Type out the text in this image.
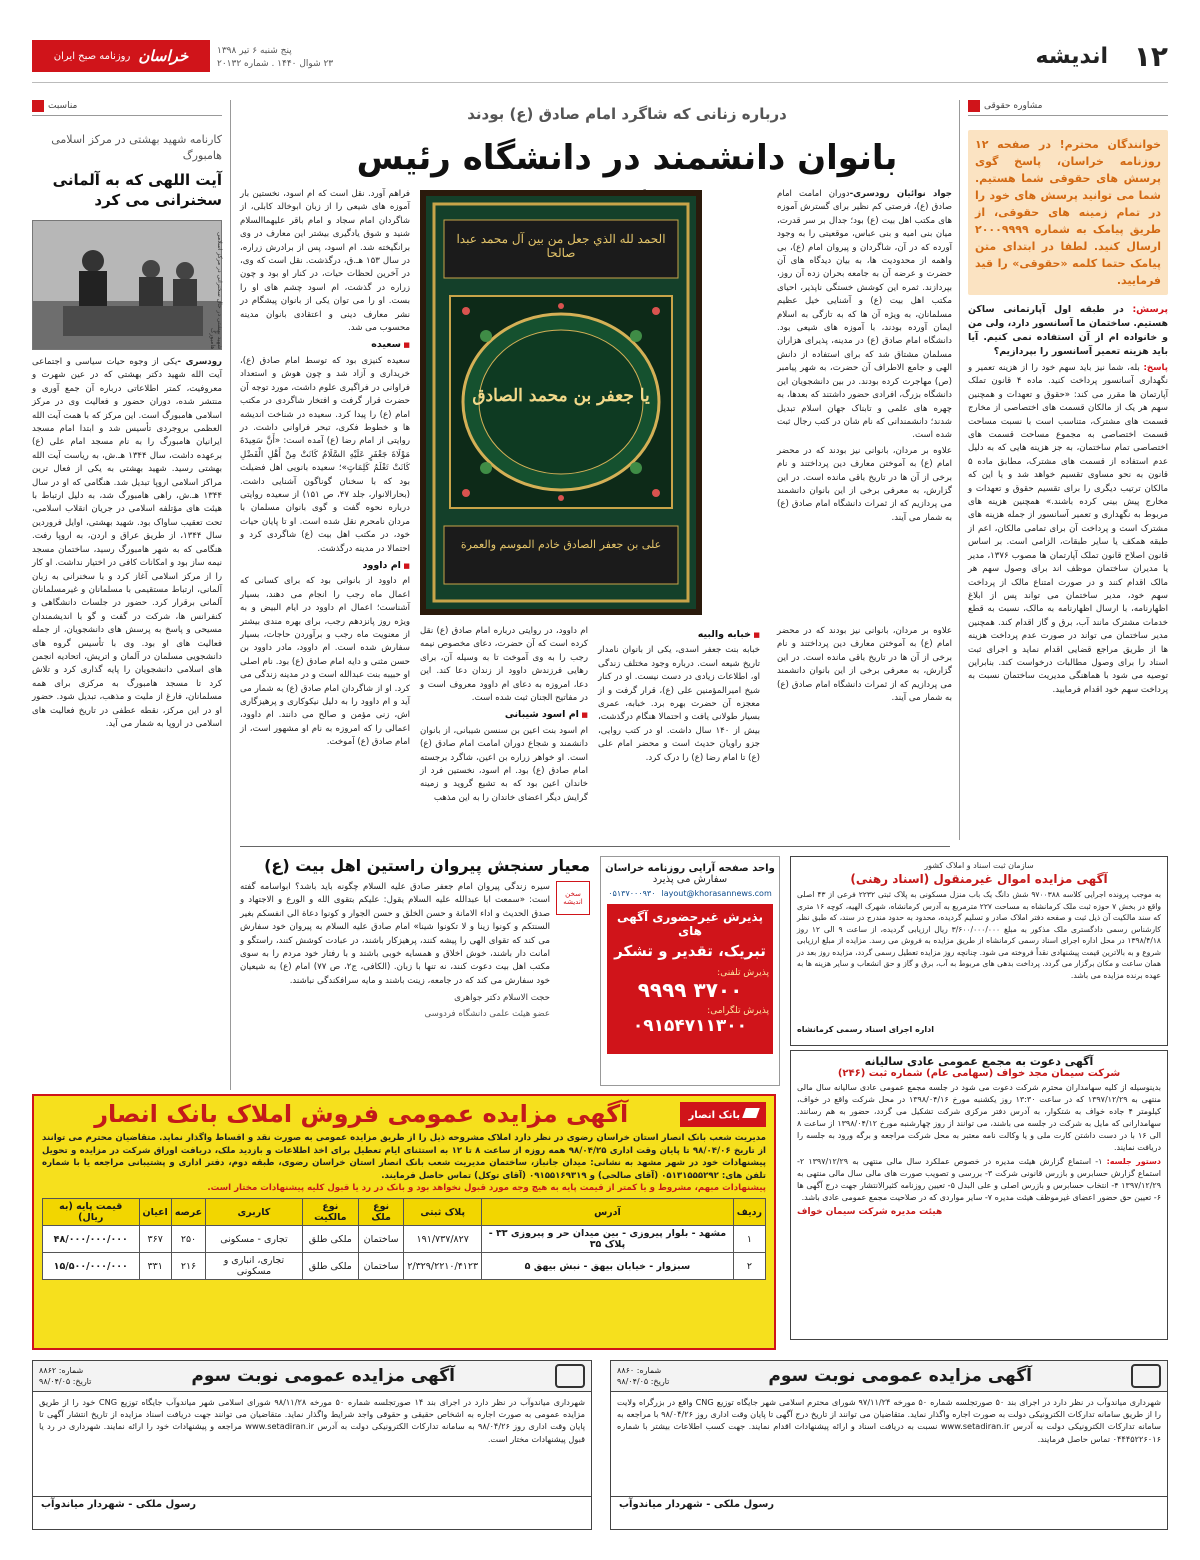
۱۲
اندیشه
پنج شنبه ۶ تیر ۱۳۹۸
۲۳ شوال ۱۴۴۰ . شماره ۲۰۱۳۲
خراسان
روزنامه صبح ایران
مشاوره حقوقی

خوانندگان محترم! در صفحه ۱۲ روزنامه خراسان، پاسخ گوی پرسش های حقوقی شما هستیم. شما می توانید پرسش های خود را در تمام زمینه های حقوقی، از طریق پیامک به شماره ۲۰۰۰۹۹۹۹ ارسال کنید. لطفا در ابتدای متن پیامک حتما کلمه «حقوقی» را قید فرمایید.

پرسش: در طبقه اول آپارتمانی ساکن هستیم. ساختمان ما آسانسور دارد، ولی من و خانواده ام از آن استفاده نمی کنیم. آیا باید هزینه تعمیر آسانسور را بپردازیم؟

پاسخ: بله، شما نیز باید سهم خود را از هزینه تعمیر و نگهداری آسانسور پرداخت کنید. ماده ۴ قانون تملک آپارتمان ها مقرر می کند: «حقوق و تعهدات و همچنین سهم هر یک از مالکان قسمت های اختصاصی از مخارج قسمت های مشترک، متناسب است با نسبت مساحت قسمت اختصاصی به مجموع مساحت قسمت های اختصاصی تمام ساختمان، به جز هزینه هایی که به دلیل عدم استفاده از قسمت های مشترک، مطابق ماده ۵ قانون به نحو مساوی تقسیم خواهد شد و یا این که مالکان ترتیب دیگری را برای تقسیم حقوق و تعهدات و مخارج پیش بینی کرده باشند.» همچنین هزینه های مربوط به نگهداری و تعمیر آسانسور از جمله هزینه های مشترک است و پرداخت آن برای تمامی مالکان، اعم از طبقه همکف یا سایر طبقات، الزامی است. بر اساس قانون اصلاح قانون تملک آپارتمان ها مصوب ۱۳۷۶، مدیر یا مدیران ساختمان موظف اند برای وصول سهم هر مالک اقدام کنند و در صورت امتناع مالک از پرداخت سهم خود، مدیر ساختمان می تواند پس از ابلاغ اظهارنامه، با ارسال اظهارنامه به مالک، نسبت به قطع خدمات مشترک مانند آب، برق و گاز اقدام کند. همچنین مدیر ساختمان می تواند در صورت عدم پرداخت هزینه ها از طریق مراجع قضایی اقدام نماید و اجرای ثبت اسناد را برای وصول مطالبات درخواست کند. بنابراین توصیه می شود با هماهنگی مدیریت ساختمان نسبت به پرداخت سهم خود اقدام فرمایید.

درباره زنانی که شاگرد امام صادق (ع) بودند
بانوان دانشمند در دانشگاه رئیس

جواد نوائیان رودسری-دوران امامت امام صادق (ع)، فرصتی کم نظیر برای گسترش آموزه های مکتب اهل بیت (ع) بود؛ جدال بر سر قدرت، میان بنی امیه و بنی عباس، موقعیتی را به وجود آورده که در آن، شاگردان و پیروان امام (ع)، بی واهمه از محدودیت ها، به بیان دیدگاه های آن حضرت و عرضه آن به جامعه بحران زده آن روز، بپردازند. ثمره این کوشش خستگی ناپذیر، احیای مکتب اهل بیت (ع) و آشنایی خیل عظیم مسلمانان، به ویژه آن ها که به تازگی به اسلام ایمان آورده بودند، با آموزه های شیعی بود. دانشگاه امام صادق (ع) در مدینه، پذیرای هزاران مسلمان مشتاق شد که برای استفاده از دانش الهی و جامع الاطراف آن حضرت، به شهر پیامبر (ص) مهاجرت کرده بودند. در بین دانشجویان این دانشگاه بزرگ، افرادی حضور داشتند که بعدها، به چهره های علمی و تابناک جهان اسلام تبدیل شدند؛ دانشمندانی که نام شان در کتب رجال ثبت شده است.

علاوه بر مردان، بانوانی نیز بودند که در محضر امام (ع) به آموختن معارف دین پرداختند و نام برخی از آن ها در تاریخ باقی مانده است. در این گزارش، به معرفی برخی از این بانوان دانشمند می پردازیم که از ثمرات دانشگاه امام صادق (ع) به شمار می آیند.

الحمد لله الذي جعل من بين آل محمد عبدا صالحا
یا جعفر بن محمد الصادق
على بن جعفر الصادق خادم الموسم والعمرة

فراهم آورد. نقل است که ام اسود، نخستین بار آموزه های شیعی را از زبان ابوخالد کابلی، از شاگردان امام سجاد و امام باقر علیهماالسلام شنید و شوق یادگیری بیشتر این معارف در وی برانگیخته شد. ام اسود، پس از برادرش زراره، در سال ۱۵۳ هـ.ق، درگذشت. نقل است که وی، در آخرین لحظات حیات، در کنار او بود و چون زراره در گذشت، ام اسود چشم های او را بست. او را می توان یکی از بانوان پیشگام در نشر معارف دینی و اعتقادی بانوان مدینه محسوب می شد.

■ سعیده

سعیده کنیزی بود که توسط امام صادق (ع)، خریداری و آزاد شد و چون هوش و استعداد فراوانی در فراگیری علوم داشت، مورد توجه آن حضرت قرار گرفت و افتخار شاگردی در مکتب امام (ع) را پیدا کرد. سعیده در شناخت اندیشه ها و خطوط فکری، تبحر فراوانی داشت. در روایتی از امام رضا (ع) آمده است: «أَنَّ سَعِیدَةَ مَوْلَاةَ جَعْفَرٍ عَلَیْهِ السَّلَامُ کَانَتْ مِنْ أَهْلِ الْفَضْلِ کَانَتْ تَعْلَمُ کَلِمَاتٍ»؛ سعیده بانویی اهل فضیلت بود که با سخنان گوناگون آشنایی داشت. (بحارالانوار، جلد ۴۷، ص ۱۵۱) از سعیده روایتی درباره نحوه گفت و گوی بانوان مسلمان با مردان نامحرم نقل شده است. او تا پایان حیات خود، در مکتب اهل بیت (ع) شاگردی کرد و احتمالا در مدینه درگذشت.

■ ام داوود

ام داوود از بانوانی بود که برای کسانی که اعمال ماه رجب را انجام می دهند، بسیار آشناست؛ اعمال ام داوود در ایام البیض و به ویژه روز پانزدهم رجب، برای بهره مندی بیشتر از معنویت ماه رجب و برآوردن حاجات، بسیار سفارش شده است. ام داوود، مادر داوود بن حسن مثنی و دایه امام صادق (ع) بود. نام اصلی او حبیبه بنت عبدالله است و در مدینه زندگی می کرد. او از شاگردان امام صادق (ع) به شمار می آید و ام داوود را به دلیل نیکوکاری و پرهیزگاری اش، زنی مؤمن و صالح می دانند. ام داوود، اعمالی را که امروزه به نام او مشهور است، از امام صادق (ع) آموخت.

علاوه بر مردان، بانوانی نیز بودند که در محضر امام (ع) به آموختن معارف دین پرداختند و نام برخی از آن ها در تاریخ باقی مانده است. در این گزارش، به معرفی برخی از این بانوان دانشمند می پردازیم که از ثمرات دانشگاه امام صادق (ع) به شمار می آیند.

■ خبابه والبیه

خبابه بنت جعفر اسدی، یکی از بانوان نامدار تاریخ شیعه است. درباره وجود مختلف زندگی او، اطلاعات زیادی در دست نیست. او در کنار شیخ امیرالمؤمنین علی (ع)، قرار گرفت و از معجزه آن حضرت بهره برد. خبابه، عمری بسیار طولانی یافت و احتمالا هنگام درگذشت، بیش از ۱۴۰ سال داشت. او در کتب روایی، جزو راویان حدیث است و محضر امام علی (ع) تا امام رضا (ع) را درک کرد.

ام داوود، در روایتی درباره امام صادق (ع) نقل کرده است که آن حضرت، دعای مخصوص نیمه رجب را به وی آموخت تا به وسیله آن، برای رهایی فرزندش داوود از زندان دعا کند. این دعا، امروزه به دعای ام داوود معروف است و در مفاتیح الجنان ثبت شده است.

■ ام اسود شیبانی

ام اسود بنت اعین بن سنسن شیبانی، از بانوان دانشمند و شجاع دوران امامت امام صادق (ع) است. او خواهر زراره بن اعین، شاگرد برجسته امام صادق (ع) بود. ام اسود، نخستین فرد از خاندان اعین بود که به تشیع گروید و زمینه گرایش دیگر اعضای خاندان را به این مذهب

مناسبت
کارنامه شهید بهشتی در مرکز اسلامی هامبورگ
آیت اللهی که به آلمانی سخنرانی می کرد
شهید بهشتی در حال سخنرانی در مرکز اسلامی هامبورگ

رودسری -یکی از وجوه حیات سیاسی و اجتماعی آیت الله شهید دکتر بهشتی که در عین شهرت و معروفیت، کمتر اطلاعاتی درباره آن جمع آوری و منتشر شده، دوران حضور و فعالیت وی در مرکز اسلامی هامبورگ است. این مرکز که با همت آیت الله العظمی بروجردی تأسیس شد و ابتدا امام مسجد ایرانیان هامبورگ را به نام مسجد امام علی (ع) برعهده داشت، سال ۱۳۴۴ هـ.ش، به ریاست آیت الله بهشتی رسید. شهید بهشتی به یکی از فعال ترین مراکز اسلامی اروپا تبدیل شد. هنگامی که او در سال ۱۳۴۴ هـ.ش، راهی هامبورگ شد، به دلیل ارتباط با هیئت های مؤتلفه اسلامی در جریان انقلاب اسلامی، تحت تعقیب ساواک بود. شهید بهشتی، اوایل فروردین سال ۱۳۴۴، از طریق عراق و اردن، به اروپا رفت. هنگامی که به شهر هامبورگ رسید، ساختمان مسجد نیمه ساز بود و امکانات کافی در اختیار نداشت. او کار را از مرکز اسلامی آغاز کرد و با سخنرانی به زبان آلمانی، ارتباط مستقیمی با مسلمانان و غیرمسلمانان آلمانی برقرار کرد. حضور در جلسات دانشگاهی و کنفرانس ها، شرکت در گفت و گو با اندیشمندان مسیحی و پاسخ به پرسش های دانشجویان، از جمله فعالیت های او بود. وی با تأسیس گروه های دانشجویی مسلمان در آلمان و اتریش، اتحادیه انجمن های اسلامی دانشجویان را پایه گذاری کرد و تلاش کرد تا مسجد هامبورگ به مرکزی برای همه مسلمانان، فارغ از ملیت و مذهب، تبدیل شود. حضور او در این مرکز، نقطه عطفی در تاریخ فعالیت های اسلامی در اروپا به شمار می آید.

معیار سنجش پیروان راستین اهل بیت (ع)
سخن اندیشه

سیره زندگی پیروان امام جعفر صادق علیه السلام چگونه باید باشد؟ ابواسامه گفته است: «سمعت ابا عبدالله علیه السلام یقول: علیکم بتقوی الله و الورع و الاجتهاد و صدق الحدیث و اداء الامانة و حسن الخلق و حسن الجوار و کونوا دعاة الی انفسکم بغیر السنتکم و کونوا زینا و لا تکونوا شینا» امام صادق علیه السلام به پیروان خود سفارش می کند که تقوای الهی را پیشه کنند، پرهیزکار باشند، در عبادت کوشش کنند، راستگو و امانت دار باشند، خوش اخلاق و همسایه خوبی باشند و با رفتار خود مردم را به سوی مکتب اهل بیت دعوت کنند، نه تنها با زبان. (الکافی، ج۲، ص ۷۷) امام (ع) به شیعیان خود سفارش می کند که در جامعه، زینت باشند و مایه سرافکندگی نباشند.

حجت الاسلام دکتر جواهری

عضو هیئت علمی دانشگاه فردوسی

واحد صفحه آرایی روزنامه خراسان
سفارش می پذیرد
layout@khorasannews.com
۰۵۱۳۷۰۰۰۹۳۰
پذیرش غیرحضوری آگهی های
تبریک، تقدیر و تشکر
پذیرش تلفنی:
۳۷۰۰ ۹۹۹۹
پذیرش تلگرامی:
۰۹۱۵۴۷۱۱۳۰۰
سازمان ثبت اسناد و املاک کشور
آگهی مزایده اموال غیرمنقول (اسناد رهنی)
به موجب پرونده اجرایی کلاسه ۹۷۰۰۳۸۸ شش دانگ یک باب منزل مسکونی به پلاک ثبتی ۲۲۳۲ فرعی از ۴۳ اصلی واقع در بخش ۷ حوزه ثبت ملک کرمانشاه به مساحت ۲۲۷ مترمربع به آدرس کرمانشاه، شهرک الهیه، کوچه ۱۶ متری که سند مالکیت آن ذیل ثبت و صفحه دفتر املاک صادر و تسلیم گردیده، محدود به حدود مندرج در سند، که طبق نظر کارشناس رسمی دادگستری ملک مذکور به مبلغ ۳/۶۰۰/۰۰۰/۰۰۰ ریال ارزیابی گردیده، از ساعت ۹ الی ۱۲ روز ۱۳۹۸/۴/۱۸ در محل اداره اجرای اسناد رسمی کرمانشاه از طریق مزایده به فروش می رسد. مزایده از مبلغ ارزیابی شروع و به بالاترین قیمت پیشنهادی نقداً فروخته می شود. چنانچه روز مزایده تعطیل رسمی گردد، مزایده روز بعد در همان ساعت و مکان برگزار می گردد. پرداخت بدهی های مربوط به آب، برق و گاز و حق انشعاب و سایر هزینه ها به عهده برنده مزایده می باشد.
اداره اجرای اسناد رسمی کرمانشاه
آگهی دعوت به مجمع عمومی عادی سالیانه
شرکت سیمان مجد خواف (سهامی عام) شماره ثبت (۲۴۶)
بدینوسیله از کلیه سهامداران محترم شرکت دعوت می شود در جلسه مجمع عمومی عادی سالیانه سال مالی منتهی به ۱۳۹۷/۱۲/۲۹ که در ساعت ۱۳:۳۰ روز یکشنبه مورخ ۱۳۹۸/۰۴/۱۶ در محل شرکت واقع در خواف، کیلومتر ۴ جاده خواف به شتکوار، به آدرس دفتر مرکزی شرکت تشکیل می گردد، حضور به هم رسانند. سهامدارانی که مایل به شرکت در جلسه می باشند، می توانند از روز چهارشنبه مورخ ۱۳۹۸/۰۴/۱۲ از ساعت ۸ الی ۱۶ با در دست داشتن کارت ملی و یا وکالت نامه معتبر به محل شرکت مراجعه و برگه ورود به جلسه را دریافت نمایند.
دستور جلسه: ۱- استماع گزارش هیئت مدیره در خصوص عملکرد سال مالی منتهی به ۱۳۹۷/۱۲/۲۹ ۲- استماع گزارش حسابرس و بازرس قانونی شرکت ۳- بررسی و تصویب صورت های مالی سال مالی منتهی به ۱۳۹۷/۱۲/۲۹ ۴- انتخاب حسابرس و بازرس اصلی و علی البدل ۵- تعیین روزنامه کثیرالانتشار جهت درج آگهی ها ۶- تعیین حق حضور اعضای غیرموظف هیئت مدیره ۷- سایر مواردی که در صلاحیت مجمع عمومی عادی باشد.
هیئت مدیره شرکت سیمان خواف
بانک انصار
آگهی مزایده عمومی فروش املاک بانک انصار
مدیریت شعب بانک انصار استان خراسان رضوی در نظر دارد املاک مشروحه ذیل را از طریق مزایده عمومی به صورت نقد و اقساط واگذار نماید. متقاضیان محترم می توانند از تاریخ ۹۸/۰۴/۰۶ تا پایان وقت اداری ۹۸/۰۴/۲۵ همه روزه از ساعت ۸ تا ۱۲ به استثنای ایام تعطیل برای اخذ اطلاعات و بازدید ملک، دریافت اوراق شرکت در مزایده و تحویل پیشنهادات خود در شهر مشهد به نشانی: میدان جانباز، ساختمان مدیریت شعب بانک انصار استان خراسان رضوی، طبقه دوم، دفتر اداری و پشتیبانی مراجعه یا با شماره تلفن های: ۰۵۱۳۱۵۵۵۲۹۲ (آقای صالحی) و ۰۹۱۵۵۱۶۹۳۱۹ (آقای توکل) تماس حاصل فرمایند.
پیشنهادات مبهم، مشروط و یا کمتر از قیمت پایه به هیچ وجه مورد قبول نخواهد بود و بانک در رد یا قبول کلیه پیشنهادات مختار است.
ردیف	آدرس	پلاک ثبتی	نوع ملک	نوع مالکیت	کاربری	عرصه	اعیان	قیمت پایه (به ریال)
۱	مشهد - بلوار پیروزی - بین میدان حر و پیروزی ۳۳ - پلاک ۳۵	۱۹۱/۷۳۷/۸۲۷	ساختمان	ملکی طلق	تجاری - مسکونی	۲۵۰	۳۶۷	۴۸/۰۰۰/۰۰۰/۰۰۰
۲	سبزوار - خیابان بیهق - نبش بیهق ۵	۲/۳۲۹/۲۲۱۰/۴۱۲۳	ساختمان	ملکی طلق	تجاری، انباری و مسکونی	۲۱۶	۳۳۱	۱۵/۵۰۰/۰۰۰/۰۰۰
آگهی مزایده عمومی نوبت سوم
شماره: ۸۸۶۰
تاریخ: ۹۸/۰۴/۰۵
شهرداری میاندوآب در نظر دارد در اجرای بند ۵۰ صورتجلسه شماره ۵۰ مورخه ۹۷/۱۱/۲۴ شورای محترم اسلامی شهر جایگاه توزیع CNG واقع در بزرگراه ولایت را از طریق سامانه تدارکات الکترونیکی دولت به صورت اجاره واگذار نماید. متقاضیان می توانند از تاریخ درج آگهی تا پایان وقت اداری روز ۹۸/۰۴/۲۶ با مراجعه به سامانه تدارکات الکترونیکی دولت به آدرس www.setadiran.ir نسبت به دریافت اسناد و ارائه پیشنهادات اقدام نمایند. جهت کسب اطلاعات بیشتر با شماره ۰۴۴۴۵۲۲۶۰۱۶ تماس حاصل فرمایند.
رسول ملکی - شهردار میاندوآب
آگهی مزایده عمومی نوبت سوم
شماره: ۸۸۶۲
تاریخ: ۹۸/۰۴/۰۵
شهرداری میاندوآب در نظر دارد در اجرای بند ۱۴ صورتجلسه شماره ۵۰ مورخه ۹۸/۱۱/۲۸ شورای اسلامی شهر میاندوآب جایگاه توزیع CNG خود را از طریق مزایده عمومی به صورت اجاره به اشخاص حقیقی و حقوقی واجد شرایط واگذار نماید. متقاضیان می توانند جهت دریافت اسناد مزایده از تاریخ انتشار آگهی تا پایان وقت اداری روز ۹۸/۰۴/۲۶ به سامانه تدارکات الکترونیکی دولت به آدرس www.setadiran.ir مراجعه و پیشنهادات خود را ارائه نمایند. شهرداری در رد یا قبول پیشنهادات مختار است.
رسول ملکی - شهردار میاندوآب
